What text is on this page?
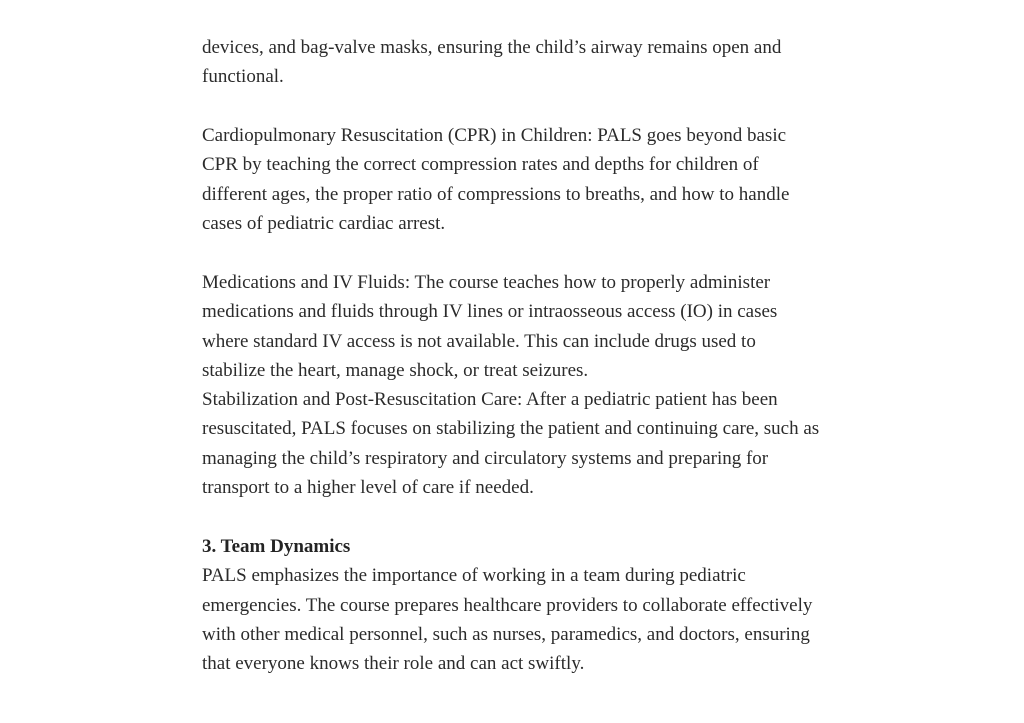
devices, and bag-valve masks, ensuring the child’s airway remains open and functional.

Cardiopulmonary Resuscitation (CPR) in Children: PALS goes beyond basic CPR by teaching the correct compression rates and depths for children of different ages, the proper ratio of compressions to breaths, and how to handle cases of pediatric cardiac arrest.

Medications and IV Fluids: The course teaches how to properly administer medications and fluids through IV lines or intraosseous access (IO) in cases where standard IV access is not available. This can include drugs used to stabilize the heart, manage shock, or treat seizures.

Stabilization and Post-Resuscitation Care: After a pediatric patient has been resuscitated, PALS focuses on stabilizing the patient and continuing care, such as managing the child’s respiratory and circulatory systems and preparing for transport to a higher level of care if needed.

3. Team Dynamics

PALS emphasizes the importance of working in a team during pediatric emergencies. The course prepares healthcare providers to collaborate effectively with other medical personnel, such as nurses, paramedics, and doctors, ensuring that everyone knows their role and can act swiftly.
